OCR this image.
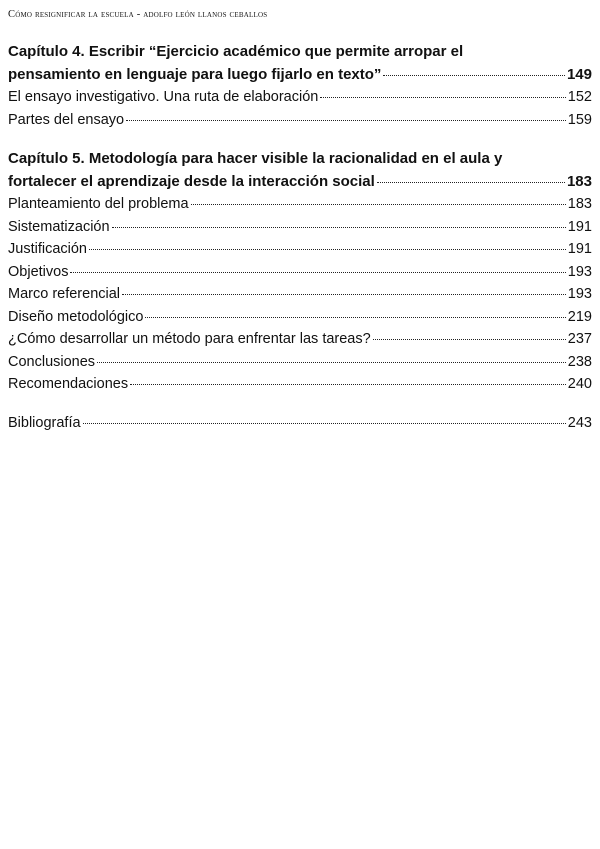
Cómo resignificar la escuela - adolfo león llanos ceballos
Capítulo 4. Escribir “Ejercicio académico que permite arropar el
pensamiento en lenguaje para luego fijarlo en texto”	149
El ensayo investigativo. Una ruta de elaboración	152
Partes del ensayo	159
Capítulo 5. Metodología para hacer visible la racionalidad en el aula y
fortalecer el aprendizaje desde la interacción social	183
Planteamiento del problema	183
Sistematización	191
Justificación	191
Objetivos	193
Marco referencial	193
Diseño metodológico	219
¿Cómo desarrollar un método para enfrentar las tareas?	237
Conclusiones	238
Recomendaciones	240
Bibliografía	243
